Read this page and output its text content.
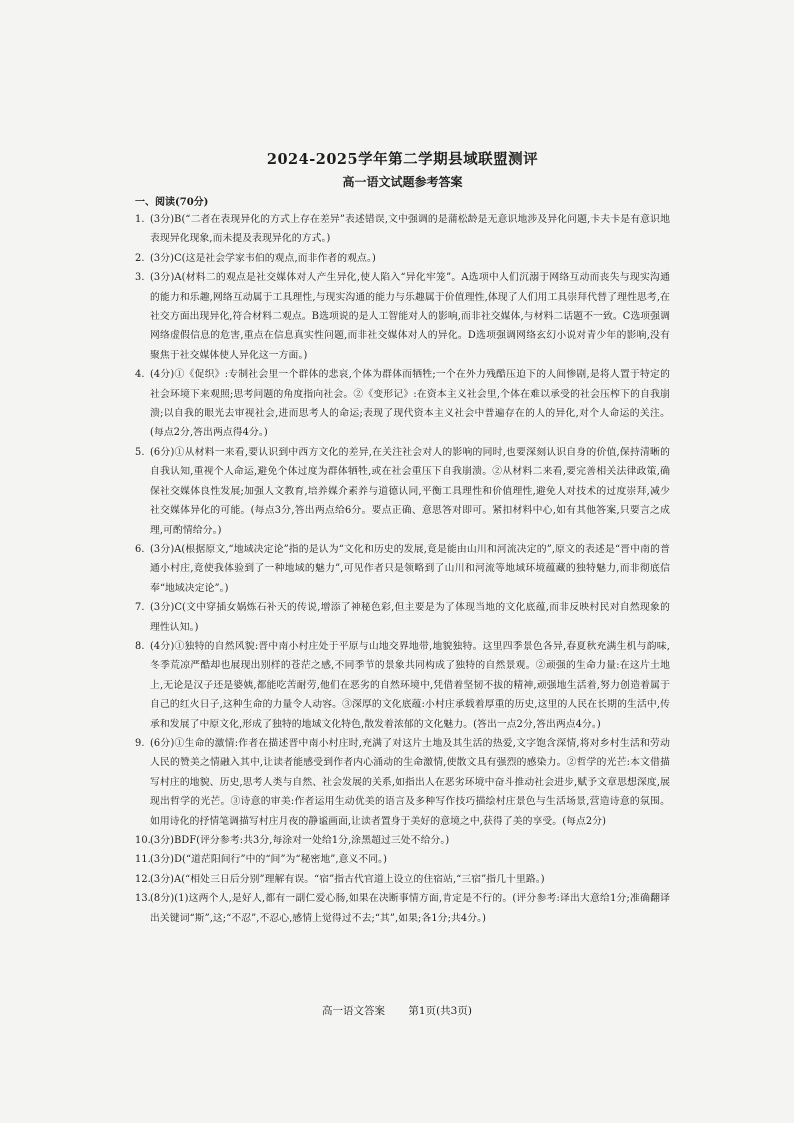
2024-2025学年第二学期县域联盟测评
高一语文试题参考答案
一、阅读(70分)
1. (3分)B(“二者在表现异化的方式上存在差异”表述错误,文中强调的是蒲松龄是无意识地涉及异化问题,卡夫卡是有意识地表现异化现象,而未提及表现异化的方式。)
2. (3分)C(这是社会学家韦伯的观点,而非作者的观点。)
3. (3分)A(材料二的观点是社交媒体对人产生异化,使人陷入“异化牢笼”。A选项中人们沉溺于网络互动而丧失与现实沟通的能力和乐趣,网络互动属于工具理性,与现实沟通的能力与乐趣属于价值理性,体现了人们用工具崇拜代替了理性思考,在社交方面出现异化,符合材料二观点。B选项说的是人工智能对人的影响,而非社交媒体,与材料二话题不一致。C选项强调网络虚假信息的危害,重点在信息真实性问题,而非社交媒体对人的异化。D选项强调网络玄幻小说对青少年的影响,没有聚焦于社交媒体使人异化这一方面。)
4. (4分)①《促织》:专制社会里一个群体的悲哀,个体为群体而牺牲;一个在外力残酷压迫下的人间惨剧,是将人置于特定的社会环境下来观照;思考问题的角度指向社会。②《变形记》:在资本主义社会里,个体在难以承受的社会压榨下的自我崩溃;以自我的眼光去审视社会,进而思考人的命运;表现了现代资本主义社会中普遍存在的人的异化,对个人命运的关注。(每点2分,答出两点得4分。)
5. (6分)①从材料一来看,要认识到中西方文化的差异,在关注社会对人的影响的同时,也要深刻认识自身的价值,保持清晰的自我认知,重视个人命运,避免个体过度为群体牺牲,或在社会重压下自我崩溃。②从材料二来看,要完善相关法律政策,确保社交媒体良性发展;加强人文教育,培养媒介素养与道德认同,平衡工具理性和价值理性,避免人对技术的过度崇拜,减少社交媒体异化的可能。(每点3分,答出两点给6分。要点正确、意思答对即可。紧扣材料中心,如有其他答案,只要言之成理,可酌情给分。)
6. (3分)A(根据原文,“地域决定论”指的是认为“文化和历史的发展,竟是能由山川和河流决定的”,原文的表述是“晋中南的普通小村庄,竟使我体验到了一种地域的魅力”,可见作者只是领略到了山川和河流等地域环境蕴藏的独特魅力,而非彻底信奉“地域决定论”。)
7. (3分)C(文中穿插女娲炼石补天的传说,增添了神秘色彩,但主要是为了体现当地的文化底蕴,而非反映村民对自然现象的理性认知。)
8. (4分)①独特的自然风貌:晋中南小村庄处于平原与山地交界地带,地貌独特。这里四季景色各异,春夏秋充满生机与韵味,冬季荒凉严酷却也展现出别样的苍茫之感,不同季节的景象共同构成了独特的自然景观。②顽强的生命力量:在这片土地上,无论是汉子还是婆姨,都能吃苦耐劳,他们在恶劣的自然环境中,凭借着坚韧不拔的精神,顽强地生活着,努力创造着属于自己的红火日子,这种生命的力量令人动容。③深厚的文化底蕴:小村庄承载着厚重的历史,这里的人民在长期的生活中,传承和发展了中原文化,形成了独特的地域文化特色,散发着浓郁的文化魅力。(答出一点2分,答出两点4分。)
9. (6分)①生命的激情:作者在描述晋中南小村庄时,充满了对这片土地及其生活的热爱,文字饱含深情,将对乡村生活和劳动人民的赞美之情融入其中,让读者能感受到作者内心涌动的生命激情,使散文具有强烈的感染力。②哲学的光芒:本文借描写村庄的地貌、历史,思考人类与自然、社会发展的关系,如指出人在恶劣环境中奋斗推动社会进步,赋予文章思想深度,展现出哲学的光芒。③诗意的审美:作者运用生动优美的语言及多种写作技巧描绘村庄景色与生活场景,营造诗意的氛围。如用诗化的抒情笔调描写村庄月夜的静谧画面,让读者置身于美好的意境之中,获得了美的享受。(每点2分)
10. (3分)BDF(评分参考:共3分,每涂对一处给1分,涂黑超过三处不给分。)
11. (3分)D(“道茫阳间行”中的“间”为“秘密地”,意义不同。)
12. (3分)A(“相处三日后分别”理解有误。“宿”指古代官道上设立的住宿站,“三宿”指几十里路。)
13. (8分)(1)这两个人,是好人,都有一副仁爱心肠,如果在决断事情方面,肯定是不行的。(评分参考:译出大意给1分;准确翻译出关键词“斯”,这;“不忍”,不忍心,感情上觉得过不去;“其”,如果;各1分;共4分。)
高一语文答案 第1页(共3页)
